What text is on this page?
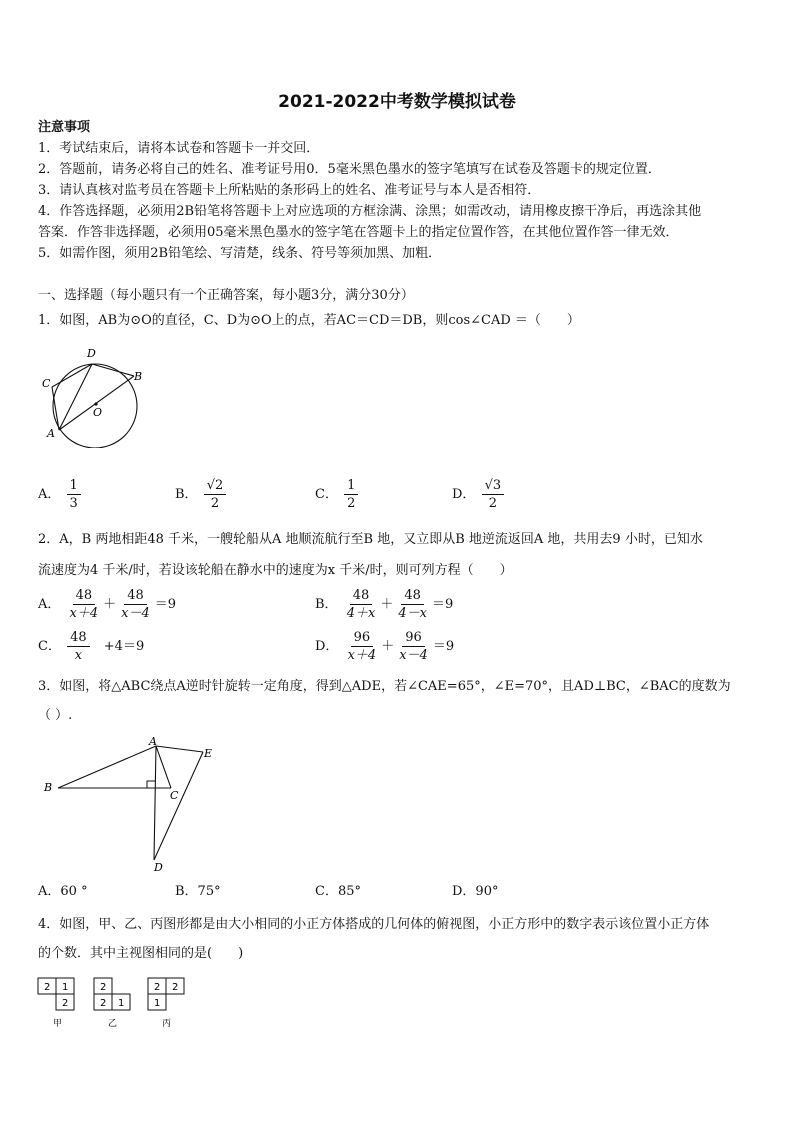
2021-2022中考数学模拟试卷
注意事项
1．考试结束后，请将本试卷和答题卡一并交回．
2．答题前，请务必将自己的姓名、准考证号用0．5毫米黑色墨水的签字笔填写在试卷及答题卡的规定位置．
3．请认真核对监考员在答题卡上所粘贴的条形码上的姓名、准考证号与本人是否相符．
4．作答选择题，必须用2B铅笔将答题卡上对应选项的方框涂满、涂黑；如需改动，请用橡皮擦干净后，再选涂其他
答案．作答非选择题，必须用05毫米黑色墨水的签字笔在答题卡上的指定位置作答，在其他位置作答一律无效．
5．如需作图，须用2B铅笔绘、写清楚，线条、符号等须加黑、加粗．
一、选择题（每小题只有一个正确答案，每小题3分，满分30分）
1．如图，AB为⊙O的直径，C、D为⊙O上的点，若AC＝CD＝DB，则cos∠CAD ＝（　　）
D
C
B
O
A
A． $\frac{1}{3}$	B． $\frac{√2}{2}$	C． $\frac{1}{2}$	D． $\frac{√3}{2}$
2．A，B 两地相距48 千米，一艘轮船从A 地顺流航行至B 地，又立即从B 地逆流返回A 地，共用去9 小时，已知水
流速度为4 千米/时，若设该轮船在静水中的速度为x 千米/时，则可列方程（　　）
A． $\frac{48}{x+4} + \frac{48}{x-4} =9$	B． $\frac{48}{4+x} + \frac{48}{4-x} =9$
C． $\frac{48}{x} +4=9$	D． $\frac{96}{x+4} + \frac{96}{x-4} =9$
3．如图，将△ABC绕点A逆时针旋转一定角度，得到△ADE，若∠CAE=65°，∠E=70°，且AD⊥BC，∠BAC的度数为
（ ）.
A
E
B
C
D
A．60 °	B．75°	C．85°	D．90°
4．如图，甲、乙、丙图形都是由大小相同的小正方体搭成的几何体的俯视图，小正方形中的数字表示该位置小正方体
的个数．其中主视图相同的是(　　)
2 1
2
甲
2
2 1
乙
2 2
1
丙
